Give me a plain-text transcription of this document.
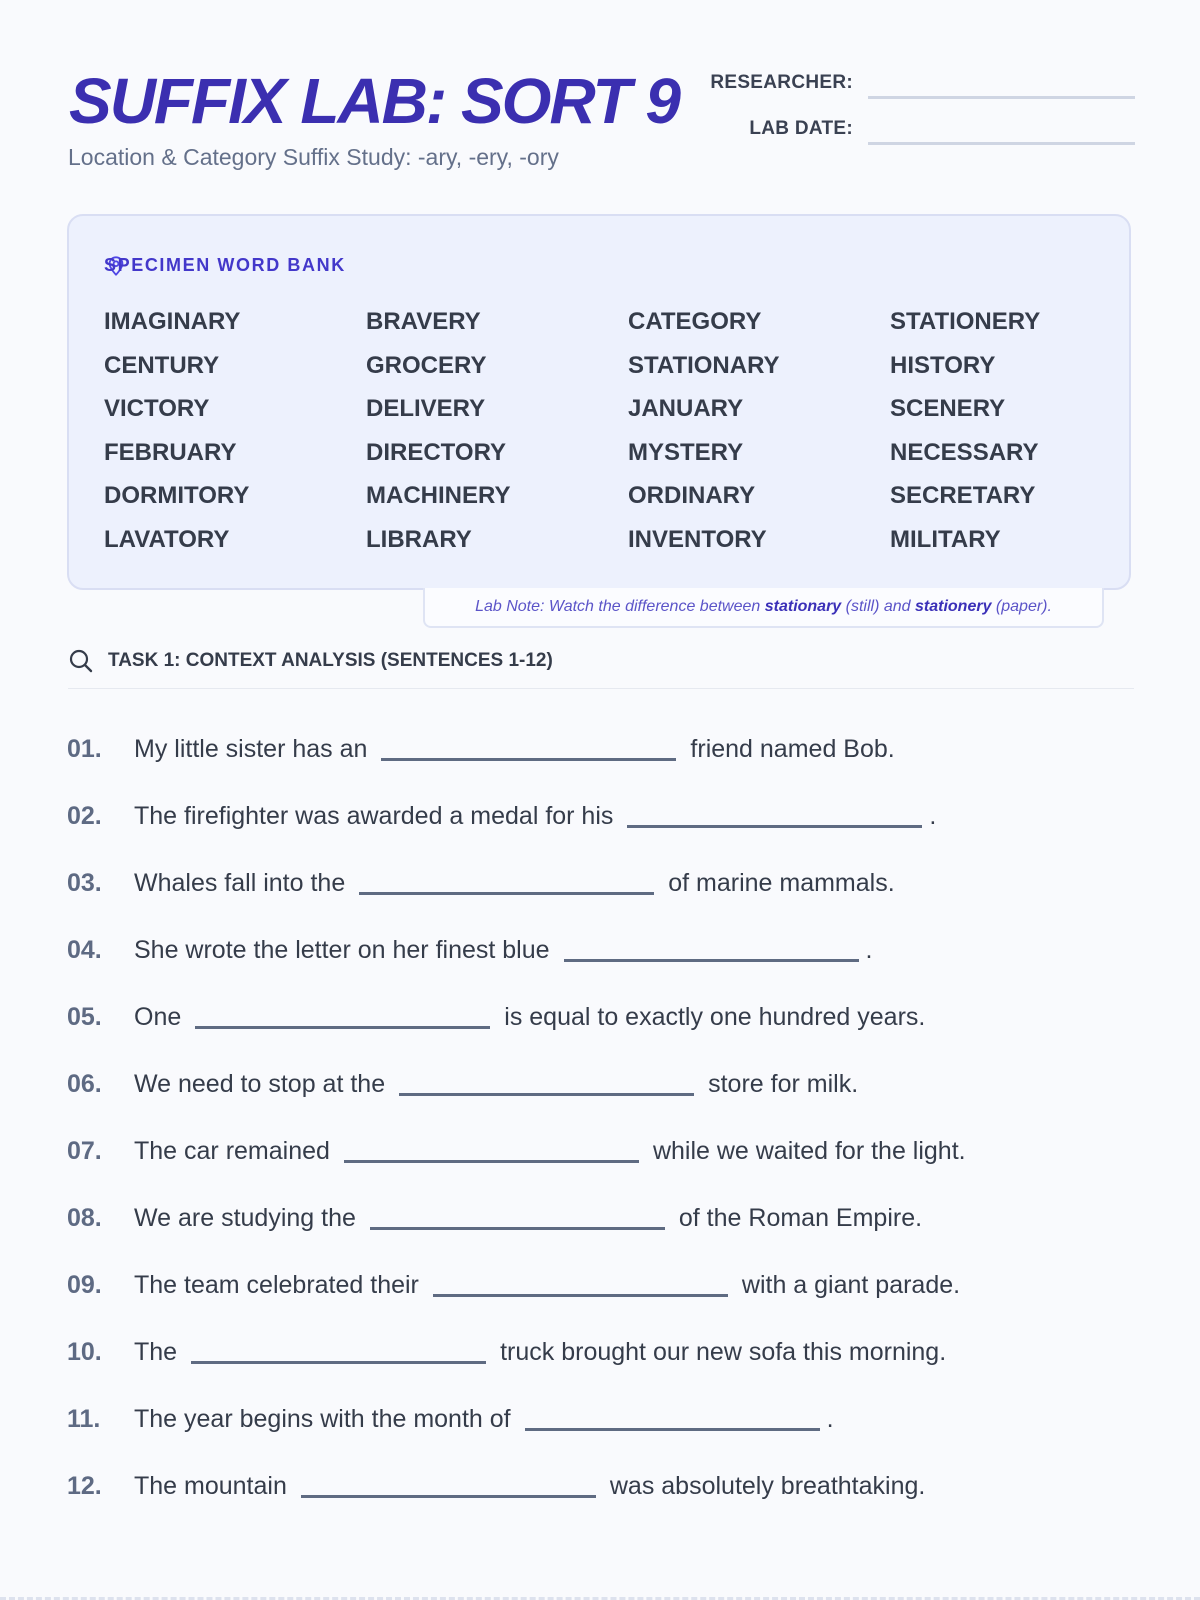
SUFFIX LAB: SORT 9
Location & Category Suffix Study: -ary, -ery, -ory
RESEARCHER:
LAB DATE:
SPECIMEN WORD BANK
IMAGINARY
CENTURY
VICTORY
FEBRUARY
DORMITORY
LAVATORY
BRAVERY
GROCERY
DELIVERY
DIRECTORY
MACHINERY
LIBRARY
CATEGORY
STATIONARY
JANUARY
MYSTERY
ORDINARY
INVENTORY
STATIONERY
HISTORY
SCENERY
NECESSARY
SECRETARY
MILITARY
Lab Note: Watch the difference between stationary (still) and stationery (paper).
TASK 1: CONTEXT ANALYSIS (SENTENCES 1-12)
01. My little sister has an	friend named Bob.
02. The firefighter was awarded a medal for his	.
03. Whales fall into the	of marine mammals.
04. She wrote the letter on her finest blue	.
05. One	is equal to exactly one hundred years.
06. We need to stop at the	store for milk.
07. The car remained	while we waited for the light.
08. We are studying the	of the Roman Empire.
09. The team celebrated their	with a giant parade.
10. The	truck brought our new sofa this morning.
11. The year begins with the month of	.
12. The mountain	was absolutely breathtaking.
